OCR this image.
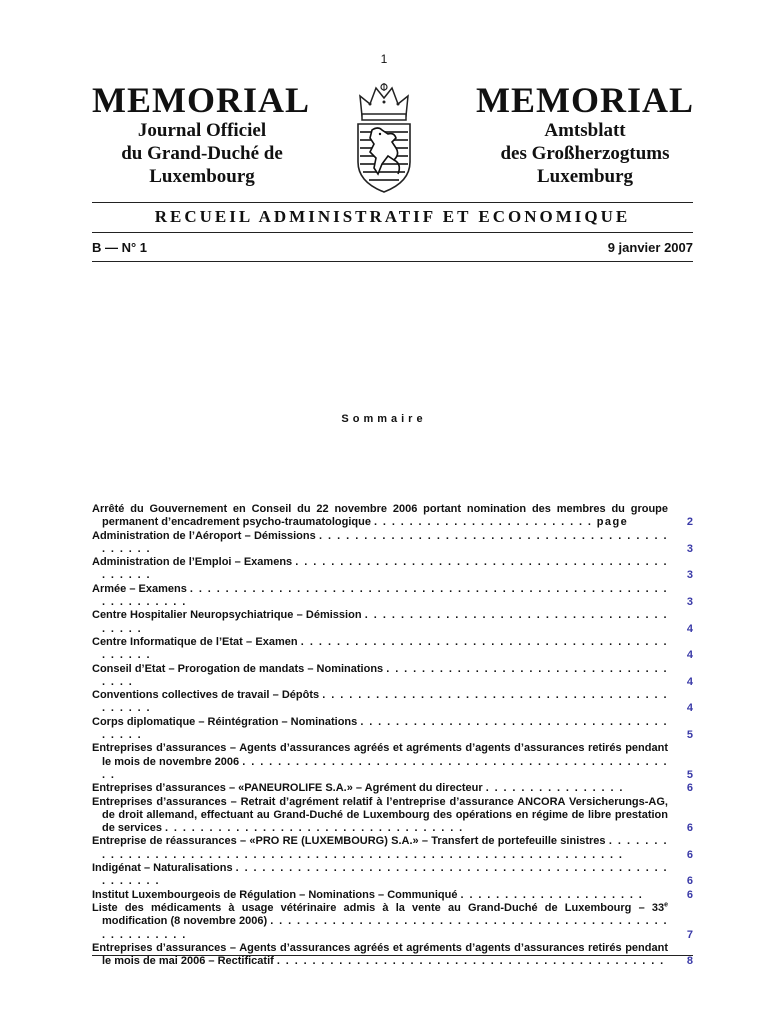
1
MEMORIAL
Journal Officiel
du Grand-Duché de
Luxembourg
MEMORIAL
Amtsblatt
des Großherzogtums
Luxemburg
RECUEIL ADMINISTRATIF ET ECONOMIQUE
B — N° 1	9 janvier 2007
Sommaire
Arrêté du Gouvernement en Conseil du 22 novembre 2006 portant nomination des membres du groupe permanent d’encadrement psycho-traumatologique . . . . . . . . . . . . . . . . . . . . . . . . . page	2
Administration de l’Aéroport – Démissions . . . . . . . . . . . . . . . . . . . . . . . . . . . . . . . . . . . . . . . . . . . . .	3
Administration de l’Emploi – Examens . . . . . . . . . . . . . . . . . . . . . . . . . . . . . . . . . . . . . . . . . . . . . . . .	3
Armée – Examens . . . . . . . . . . . . . . . . . . . . . . . . . . . . . . . . . . . . . . . . . . . . . . . . . . . . . . . . . . . . . . . .	3
Centre Hospitalier Neuropsychiatrique – Démission . . . . . . . . . . . . . . . . . . . . . . . . . . . . . . . . . . . . . . .	4
Centre Informatique de l’Etat – Examen . . . . . . . . . . . . . . . . . . . . . . . . . . . . . . . . . . . . . . . . . . . . . . .	4
Conseil d’Etat – Prorogation de mandats – Nominations . . . . . . . . . . . . . . . . . . . . . . . . . . . . . . . . . . . .	4
Conventions collectives de travail – Dépôts . . . . . . . . . . . . . . . . . . . . . . . . . . . . . . . . . . . . . . . . . . . . .	4
Corps diplomatique – Réintégration – Nominations . . . . . . . . . . . . . . . . . . . . . . . . . . . . . . . . . . . . . . . .	5
Entreprises d’assurances – Agents d’assurances agréés et agréments d’agents d’assurances retirés pendant le mois de novembre 2006 . . . . . . . . . . . . . . . . . . . . . . . . . . . . . . . . . . . . . . . . . . . . . . . . . .	5
Entreprises d’assurances – «PANEUROLIFE S.A.» – Agrément du directeur . . . . . . . . . . . . . . . .	6
Entreprises d’assurances – Retrait d’agrément relatif à l’entreprise d’assurance ANCORA Versicherungs-AG, de droit allemand, effectuant au Grand-Duché de Luxembourg des opérations en régime de libre prestation de services . . . . . . . . . . . . . . . . . . . . . . . . . . . . . . . . . .	6
Entreprise de réassurances – «PRO RE (LUXEMBOURG) S.A.» – Transfert de portefeuille sinistres . . . . . . . . . . . . . . . . . . . . . . . . . . . . . . . . . . . . . . . . . . . . . . . . . . . . . . . . . . . . . . . . . .	6
Indigénat – Naturalisations . . . . . . . . . . . . . . . . . . . . . . . . . . . . . . . . . . . . . . . . . . . . . . . . . . . . . . . .	6
Institut Luxembourgeois de Régulation – Nominations – Communiqué . . . . . . . . . . . . . . . . . . . . .	6
Liste des médicaments à usage vétérinaire admis à la vente au Grand-Duché de Luxembourg – 33e modification (8 novembre 2006) . . . . . . . . . . . . . . . . . . . . . . . . . . . . . . . . . . . . . . . . . . . . . . . . . . . . . . .	7
Entreprises d’assurances – Agents d’assurances agréés et agréments d’agents d’assurances retirés pendant le mois de mai 2006 – Rectificatif . . . . . . . . . . . . . . . . . . . . . . . . . . . . . . . . . . . . . . . . . . . .	8
